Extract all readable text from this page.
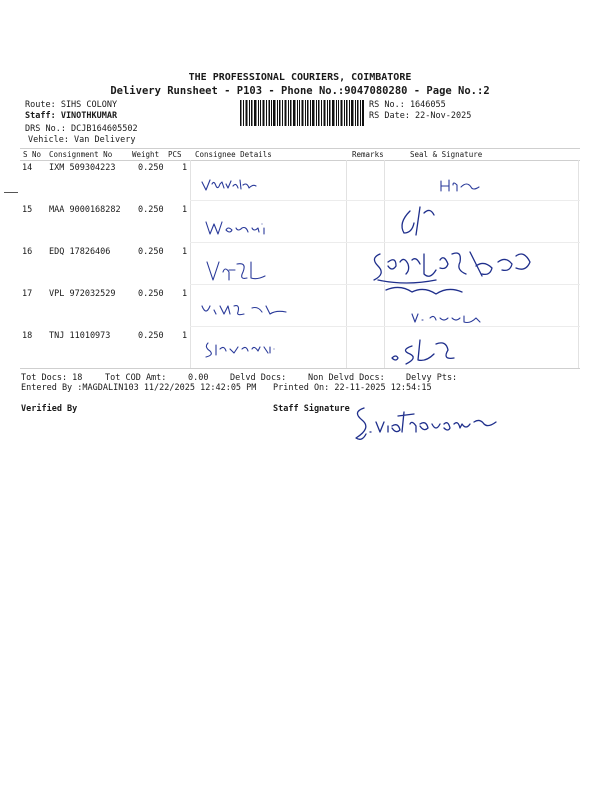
THE PROFESSIONAL COURIERS, COIMBATORE
Delivery Runsheet - P103 - Phone No.:9047080280 - Page No.:2
Route: SIHS COLONY
Staff: VINOTHKUMAR
DRS No.: DCJB164605502
Vehicle: Van Delivery
RS No.: 1646055
RS Date: 22-Nov-2025
S No Consignment No	Weight PCS Consignee Details	Remarks	Seal & Signature
14 IXM 509304223	0.250 1
15 MAA 9000168282 0.250 1
16 EDQ 17826406	0.250 1
17 VPL 972032529	0.250 1
18 TNJ 11010973	0.250 1
Tot Docs: 18	Tot COD Amt:	0.00	Delvd Docs:	Non Delvd Docs: Delvy Pts:
Entered By :MAGDALIN103 11/22/2025 12:42:05 PM Printed On: 22-11-2025 12:54:15
Verified By	Staff Signature
